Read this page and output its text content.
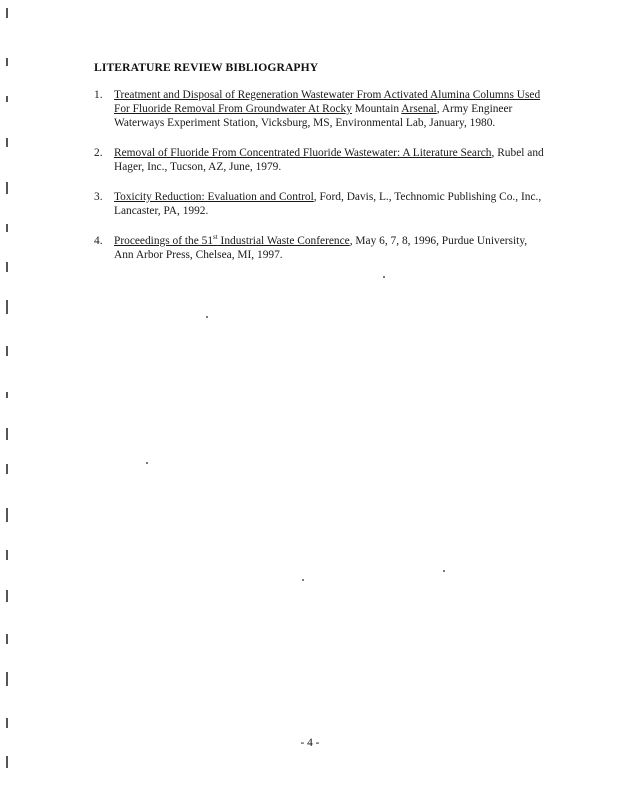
LITERATURE REVIEW BIBLIOGRAPHY
1.	Treatment and Disposal of Regeneration Wastewater From Activated Alumina Columns Used For Fluoride Removal From Groundwater At Rocky Mountain Arsenal, Army Engineer Waterways Experiment Station, Vicksburg, MS, Environmental Lab, January, 1980.
2.	Removal of Fluoride From Concentrated Fluoride Wastewater: A Literature Search, Rubel and Hager, Inc., Tucson, AZ, June, 1979.
3.	Toxicity Reduction: Evaluation and Control, Ford, Davis, L., Technomic Publishing Co., Inc., Lancaster, PA, 1992.
4.	Proceedings of the 51st Industrial Waste Conference, May 6, 7, 8, 1996, Purdue University, Ann Arbor Press, Chelsea, MI, 1997.
- 4 -
